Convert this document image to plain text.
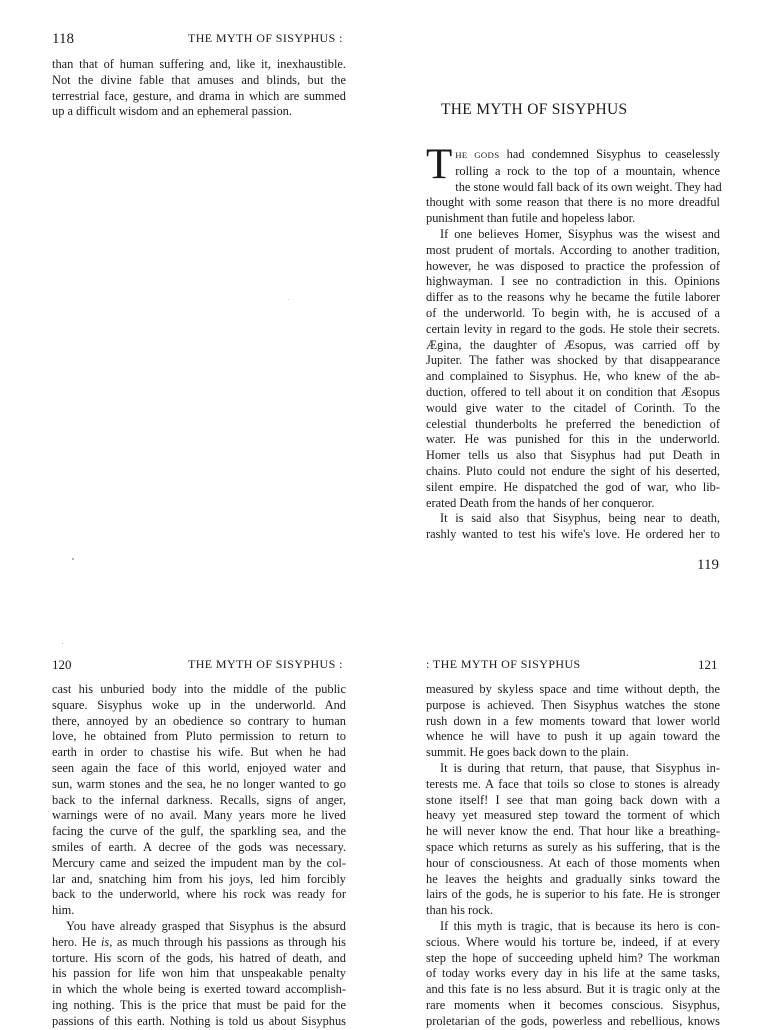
118	THE MYTH OF SISYPHUS :
than that of human suffering and, like it, inexhaustible.
Not the divine fable that amuses and blinds, but the
terrestrial face, gesture, and drama in which are summed
up a difficult wisdom and an ephemeral passion.	THE MYTH OF SISYPHUS
T HE GODS had condemned Sisyphus to ceaselessly
rolling a rock to the top of a mountain, whence
the stone would fall back of its own weight. They had
thought with some reason that there is no more dreadful
punishment than futile and hopeless labor.
If one believes Homer, Sisyphus was the wisest and
most prudent of mortals. According to another tradition,
however, he was disposed to practice the profession of
highwayman. I see no contradiction in this. Opinions
differ as to the reasons why he became the futile laborer
of the underworld. To begin with, he is accused of a
certain levity in regard to the gods. He stole their secrets.
Ægina, the daughter of Æsopus, was carried off by
Jupiter. The father was shocked by that disappearance
and complained to Sisyphus. He, who knew of the ab-
duction, offered to tell about it on condition that Æsopus
would give water to the citadel of Corinth. To the
celestial thunderbolts he preferred the benediction of
water. He was punished for this in the underworld.
Homer tells us also that Sisyphus had put Death in
chains. Pluto could not endure the sight of his deserted,
silent empire. He dispatched the god of war, who lib-
erated Death from the hands of her conqueror.
It is said also that Sisyphus, being near to death,
rashly wanted to test his wife's love. He ordered her to
119
120	THE MYTH OF SISYPHUS :
cast his unburied body into the middle of the public
square. Sisyphus woke up in the underworld. And
there, annoyed by an obedience so contrary to human
love, he obtained from Pluto permission to return to
earth in order to chastise his wife. But when he had
seen again the face of this world, enjoyed water and
sun, warm stones and the sea, he no longer wanted to go
back to the infernal darkness. Recalls, signs of anger,
warnings were of no avail. Many years more he lived
facing the curve of the gulf, the sparkling sea, and the
smiles of earth. A decree of the gods was necessary.
Mercury came and seized the impudent man by the col-
lar and, snatching him from his joys, led him forcibly
back to the underworld, where his rock was ready for
him.
You have already grasped that Sisyphus is the absurd
hero. He is, as much through his passions as through his
torture. His scorn of the gods, his hatred of death, and
his passion for life won him that unspeakable penalty
in which the whole being is exerted toward accomplish-
ing nothing. This is the price that must be paid for the
passions of this earth. Nothing is told us about Sisyphus
: THE MYTH OF SISYPHUS	121
measured by skyless space and time without depth, the
purpose is achieved. Then Sisyphus watches the stone
rush down in a few moments toward that lower world
whence he will have to push it up again toward the
summit. He goes back down to the plain.
It is during that return, that pause, that Sisyphus in-
terests me. A face that toils so close to stones is already
stone itself! I see that man going back down with a
heavy yet measured step toward the torment of which
he will never know the end. That hour like a breathing-
space which returns as surely as his suffering, that is the
hour of consciousness. At each of those moments when
he leaves the heights and gradually sinks toward the
lairs of the gods, he is superior to his fate. He is stronger
than his rock.
If this myth is tragic, that is because its hero is con-
scious. Where would his torture be, indeed, if at every
step the hope of succeeding upheld him? The workman
of today works every day in his life at the same tasks,
and this fate is no less absurd. But it is tragic only at the
rare moments when it becomes conscious. Sisyphus,
proletarian of the gods, powerless and rebellious, knows
